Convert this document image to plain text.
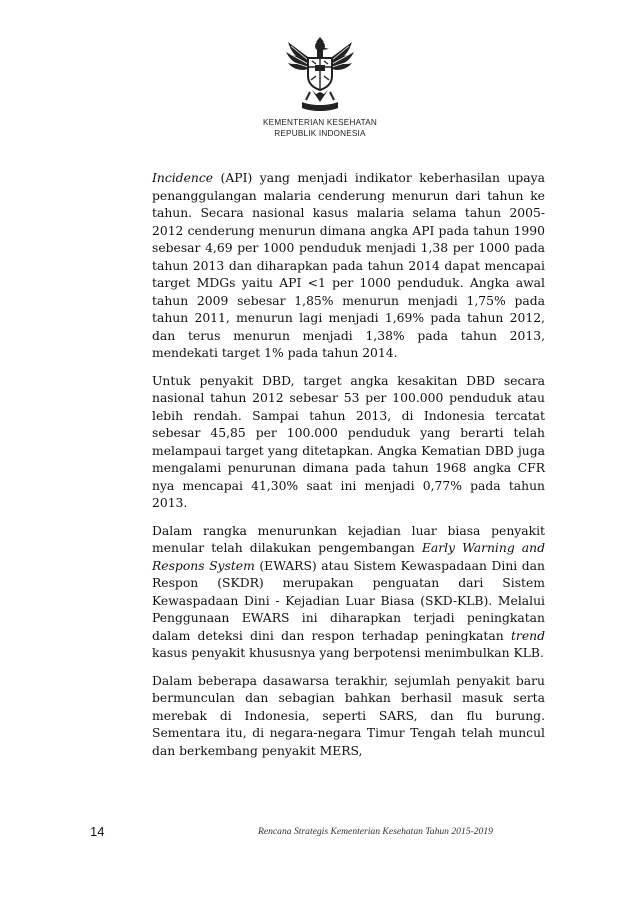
KEMENTERIAN KESEHATAN
REPUBLIK INDONESIA

Incidence (API) yang menjadi indikator keberhasilan upaya penanggulangan malaria cenderung menurun dari tahun ke tahun. Secara nasional kasus malaria selama tahun 2005-2012 cenderung menurun dimana angka API pada tahun 1990 sebesar 4,69 per 1000 penduduk menjadi 1,38 per 1000 pada tahun 2013 dan diharapkan pada tahun 2014 dapat mencapai target MDGs yaitu API <1 per 1000 penduduk. Angka awal tahun 2009 sebesar 1,85% menurun menjadi 1,75% pada tahun 2011, menurun lagi menjadi 1,69% pada tahun 2012, dan terus menurun menjadi 1,38% pada tahun 2013, mendekati target 1% pada tahun 2014.

Untuk penyakit DBD, target angka kesakitan DBD secara nasional tahun 2012 sebesar 53 per 100.000 penduduk atau lebih rendah. Sampai tahun 2013, di Indonesia tercatat sebesar 45,85 per 100.000 penduduk yang berarti telah melampaui target yang ditetapkan. Angka Kematian DBD juga mengalami penurunan dimana pada tahun 1968 angka CFR nya mencapai 41,30% saat ini menjadi 0,77% pada tahun 2013.

Dalam rangka menurunkan kejadian luar biasa penyakit menular telah dilakukan pengembangan Early Warning and Respons System (EWARS) atau Sistem Kewaspadaan Dini dan Respon (SKDR) merupakan penguatan dari Sistem Kewaspadaan Dini - Kejadian Luar Biasa (SKD-KLB). Melalui Penggunaan EWARS ini diharapkan terjadi peningkatan dalam deteksi dini dan respon terhadap peningkatan trend kasus penyakit khususnya yang berpotensi menimbulkan KLB.

Dalam beberapa dasawarsa terakhir, sejumlah penyakit baru bermunculan dan sebagian bahkan berhasil masuk serta merebak di Indonesia, seperti SARS, dan flu burung. Sementara itu, di negara-negara Timur Tengah telah muncul dan berkembang penyakit MERS,

14	Rencana Strategis Kementerian Kesehatan Tahun 2015-2019
